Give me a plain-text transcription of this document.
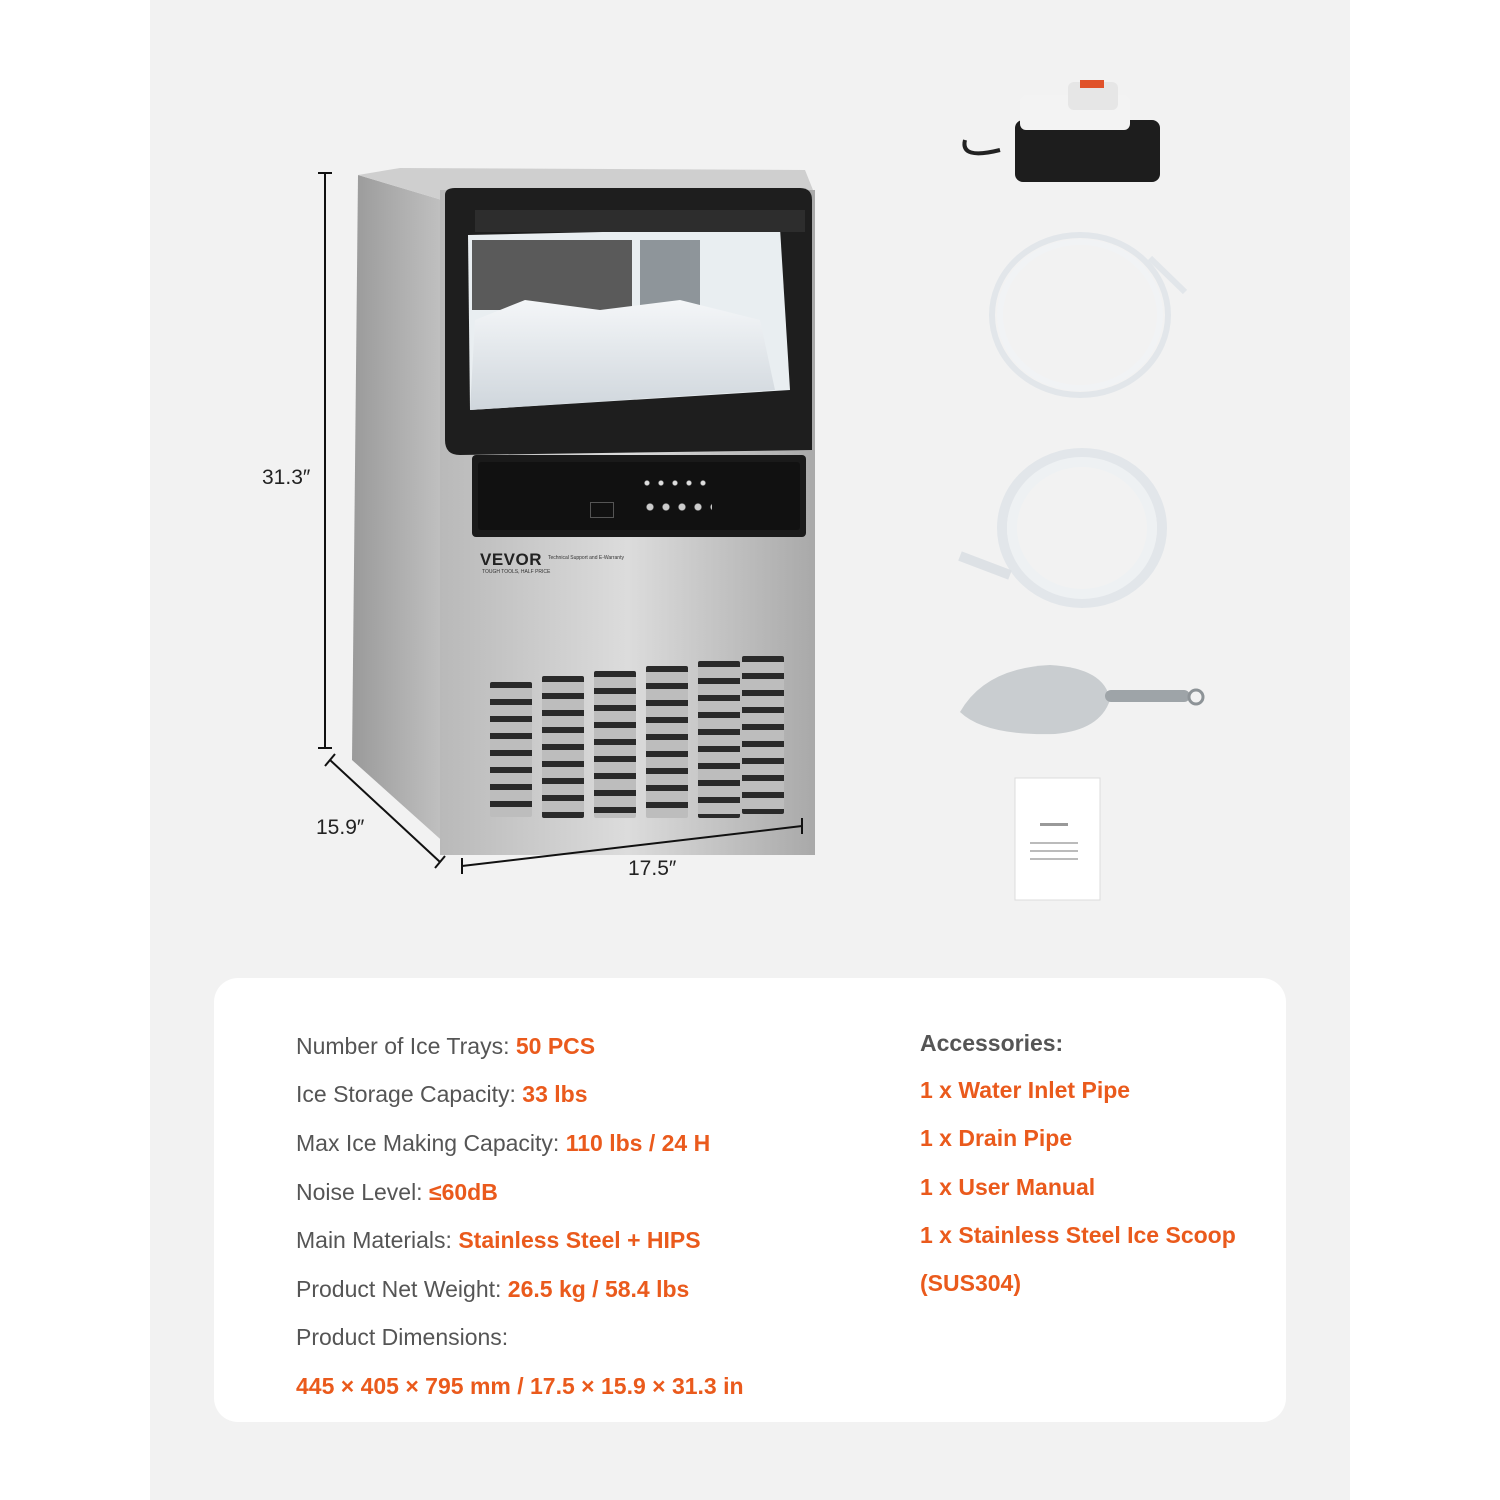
VEVOR
TOUGH TOOLS, HALF PRICE
Technical Support and E-Warranty
31.3″
15.9″
17.5″
Number of Ice Trays: 50 PCS
Ice Storage Capacity: 33 lbs
Max Ice Making Capacity: 110 lbs / 24 H
Noise Level: ≤60dB
Main Materials: Stainless Steel + HIPS
Product Net Weight: 26.5 kg / 58.4 lbs
Product Dimensions:
445 × 405 × 795 mm / 17.5 × 15.9 × 31.3 in
Accessories:
1 x Water Inlet Pipe
1 x Drain Pipe
1 x User Manual
1 x Stainless Steel Ice Scoop
(SUS304)
